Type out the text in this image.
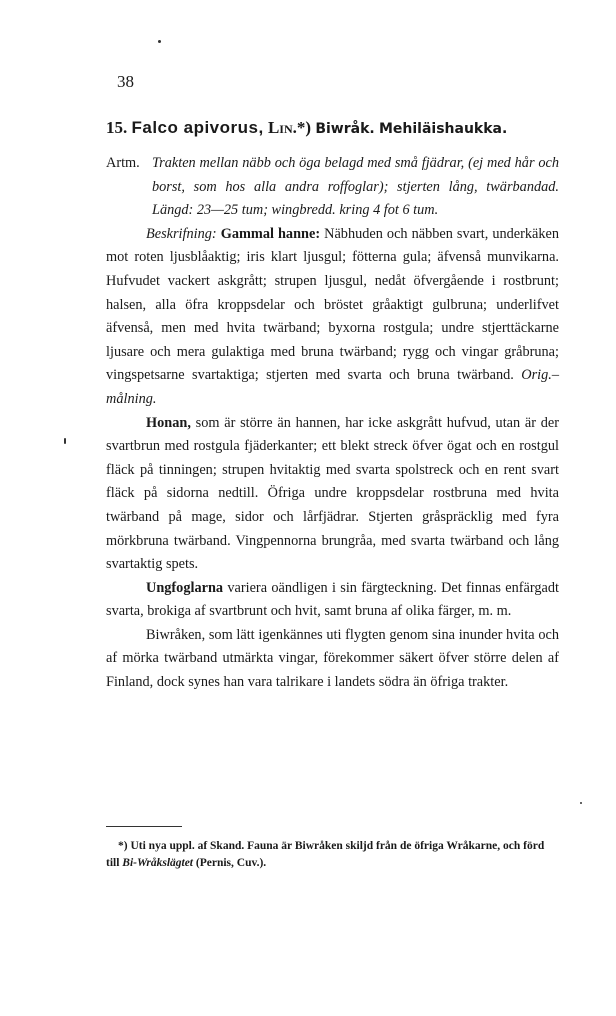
38
15. Falco apivorus, Lin.*) Biwråk. Mehiläishaukka.
Artm. Trakten mellan näbb och öga belagd med små fjädrar, (ej med hår och borst, som hos alla andra roffoglar); stjerten lång, twärbandad. Längd: 23—25 tum; wingbredd. kring 4 fot 6 tum.

Beskrifning: Gammal hanne: Näbhuden och näbben svart, underkäken mot roten ljusblåaktig; iris klart ljusgul; fötterna gula; äfvenså munvikarna. Hufvudet vackert askgrått; strupen ljusgul, nedåt öfvergående i rostbrunt; halsen, alla öfra kroppsdelar och bröstet gråaktigt gulbruna; underlifvet äfvenså, men med hvita twärband; byxorna rostgula; undre stjerttäckarne ljusare och mera gulaktiga med bruna twärband; rygg och vingar gråbruna; vingspetsarne svartaktiga; stjerten med svarta och bruna twärband. Orig.–målning.

Honan, som är större än hannen, har icke askgrått hufvud, utan är der svartbrun med rostgula fjäderkanter; ett blekt streck öfver ögat och en rostgul fläck på tinningen; strupen hvitaktig med svarta spolstreck och en rent svart fläck på sidorna nedtill. Öfriga undre kroppsdelar rostbruna med hvita twärband på mage, sidor och lårfjädrar. Stjerten gråspräcklig med fyra mörkbruna twärband. Vingpennorna brungråa, med svarta twärband och lång svartaktig spets.

Ungfoglarna variera oändligen i sin färgteckning. Det finnas enfärgadt svarta, brokiga af svartbrunt och hvit, samt bruna af olika färger, m. m.

Biwråken, som lätt igenkännes uti flygten genom sina inunder hvita och af mörka twärband utmärkta vingar, förekommer säkert öfver större delen af Finland, dock synes han vara talrikare i landets södra än öfriga trakter.

*) Uti nya uppl. af Skand. Fauna är Biwråken skiljd från de öfriga Wråkarne, och förd till Bi-Wråkslägtet (Pernis, Cuv.).
